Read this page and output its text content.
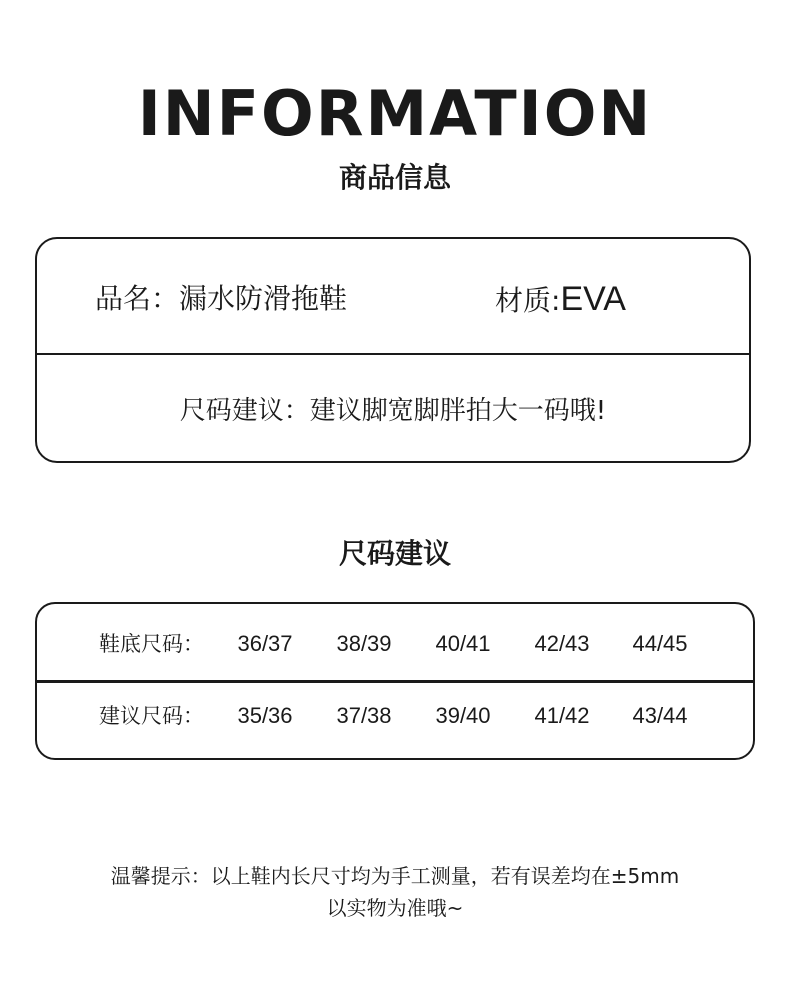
INFORMATION
商品信息
品名：漏水防滑拖鞋	材质:EVA
尺码建议：建议脚宽脚胖拍大一码哦!
尺码建议
鞋底尺码：	36/37	38/39	40/41	42/43	44/45
建议尺码：	35/36	37/38	39/40	41/42	43/44
温馨提示：以上鞋内长尺寸均为手工测量，若有误差均在±5mm
以实物为准哦~
